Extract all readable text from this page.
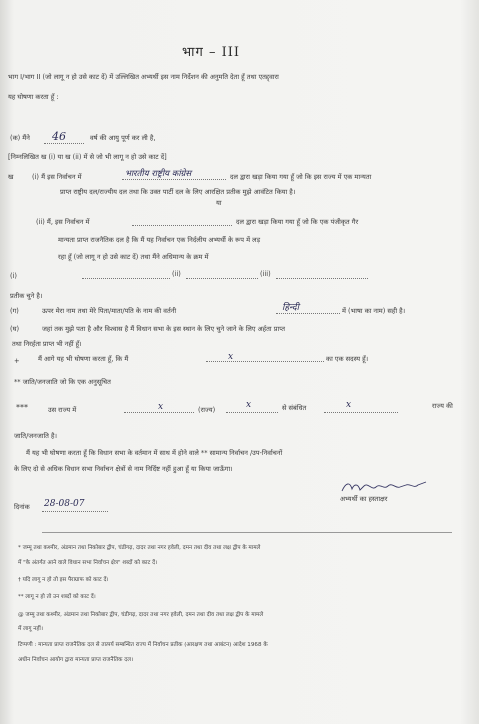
भाग – III
भाग I/भाग II (जो लागू न हो उसे काट दें) में उल्लिखित अभ्यर्थी इस नाम निर्देशन की अनुमति देता हूँ तथा एतद्द्वारा
यह घोषणा करता हूँ :
(क) मैंने 46	वर्ष की आयु पूर्ण कर ली है,
[निम्नलिखित ख (i) या ख (ii) में से जो भी लागू न हो उसे काट दें]
ख	(i) मैं इस निर्वाचन में	भारतीय राष्ट्रीय कांग्रेस	दल द्वारा खड़ा किया गया हूँ जो कि इस राज्य में एक मान्यता
प्राप्त राष्ट्रीय दल/राज्यीय दल तथा कि उक्त पार्टी दल के लिए आरक्षित प्रतीक मुझे आवंटित किया है।
या
(ii) मैं, इस निर्वाचन में	दल द्वारा खड़ा किया गया हूँ जो कि एक पंजीकृत गैर
मान्यता प्राप्त राजनैतिक दल है कि मैं यह निर्वाचन एक निर्दलीय अभ्यर्थी के रूप में लड़
रहा हूँ (जो लागू न हो उसे काट दें) तथा मैंने अधिमान्य के क्रम में
(i)	(ii)	(iii)
प्रतीक चुने है।
(ग)	ऊपर मेरा नाम तथा मेरे पिता/माता/पति के नाम की वर्तनी	हिन्दी	में (भाषा का नाम) सही है।
(घ)	जहां तक मुझे पता है और विश्वास है मैं विधान सभा के इस स्थान के लिए चुने जाने के लिए अर्हता प्राप्त
तथा निरर्हता प्राप्त भी नहीं हूँ।
+	मैं आगे यह भी घोषणा करता हूँ, कि मैं	x	का एक सदस्य हूँ।
** जाति/जनजाति जो कि एक अनुसूचित
***	उस राज्य में	x	(राज्य)	x	से संबंधित	x	राज्य की
जाति/जनजाति है।
मैं यह भी घोषणा करता हूँ कि विधान सभा के वर्तमान में साथ में होने वाले ** सामान्य निर्वाचन /उप-निर्वाचनों
के लिए दो से अधिक विधान सभा निर्वाचन क्षेत्रों से नाम निर्दिष्ट नहीं हुआ हूँ या किया जाऊँगा।
अभ्यर्थी का हस्ताक्षर
दिनांक 28-08-07
* जम्मू तथा कश्मीर, अंडमान तथा निकोबार द्वीप, चंडीगढ़, दादर तथा नगर हवेली, दमन तथा दीव तथा लक्ष द्वीप के मामले
में "के अंतर्गत आने वाले विधान सभा निर्वाचन क्षेत्र" शब्दों को काट दें।
† यदि लागू न हो तो इस पैराग्राफ को काट दें।
** लागू न हो तो उन शब्दों को काट दें।
@ जम्मू तथा कश्मीर, अंडमान तथा निकोबार द्वीप, चंडीगढ़, दादर तथा नगर हवेली, दमन तथा दीव तथा लक्ष द्वीप के मामले
में लागू नहीं।
टिप्पणी : मान्यता प्राप्त राजनैतिक दल से तात्पर्य सम्बन्धित राज्य में निर्वाचन प्रतीक (आरक्षण तथा आबंटन) आदेश 1968 के
अधीन निर्वाचन आयोग द्वारा मान्यता प्राप्त राजनैतिक दल।
